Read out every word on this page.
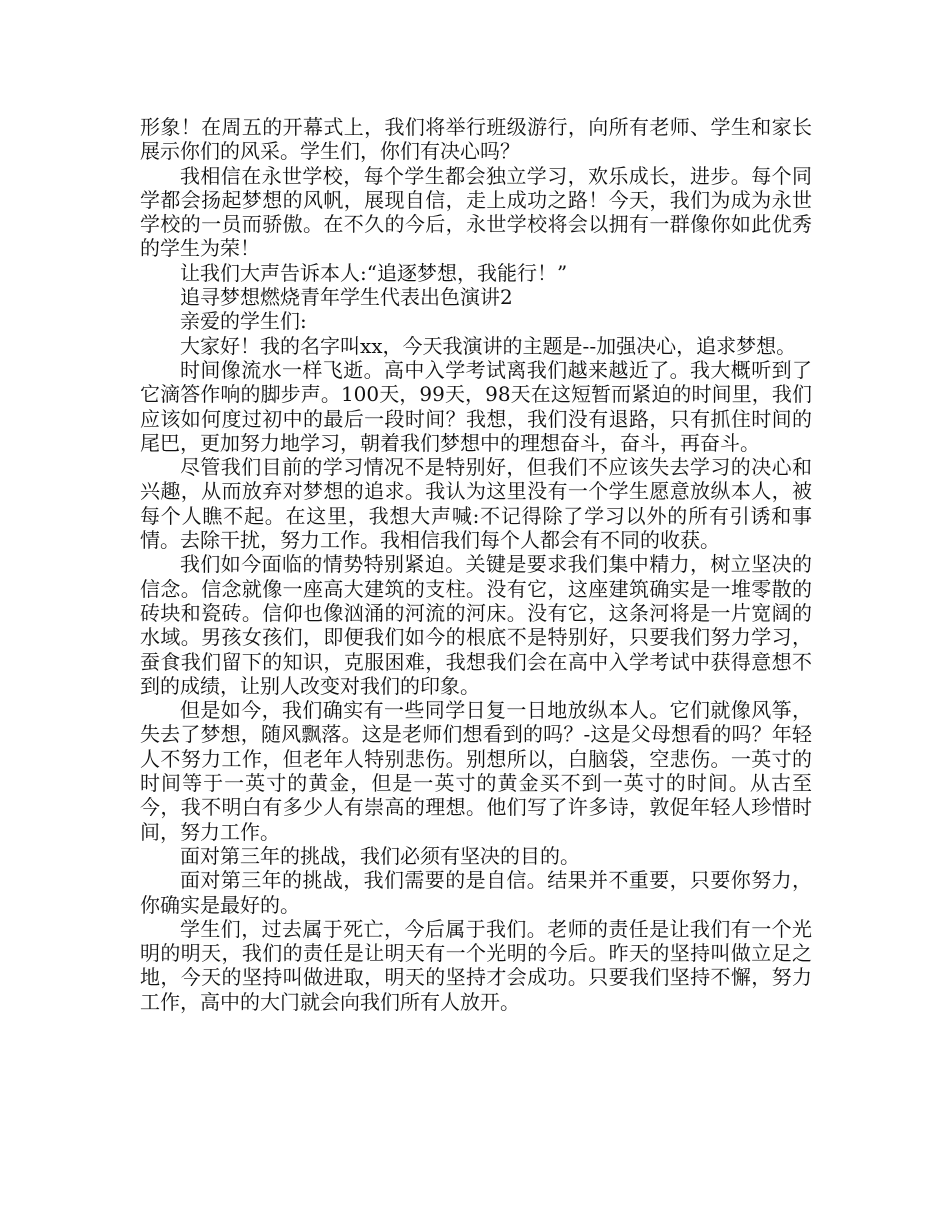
形象！在周五的开幕式上，我们将举行班级游行，向所有老师、学生和家长展示你们的风采。学生们，你们有决心吗？

我相信在永世学校，每个学生都会独立学习，欢乐成长，进步。每个同学都会扬起梦想的风帆，展现自信，走上成功之路！今天，我们为成为永世学校的一员而骄傲。在不久的今后，永世学校将会以拥有一群像你如此优秀的学生为荣！

让我们大声告诉本人:“追逐梦想，我能行！”

追寻梦想燃烧青年学生代表出色演讲2

亲爱的学生们:

大家好！我的名字叫xx，今天我演讲的主题是--加强决心，追求梦想。

时间像流水一样飞逝。高中入学考试离我们越来越近了。我大概听到了它滴答作响的脚步声。100天，99天，98天在这短暂而紧迫的时间里，我们应该如何度过初中的最后一段时间？我想，我们没有退路，只有抓住时间的尾巴，更加努力地学习，朝着我们梦想中的理想奋斗，奋斗，再奋斗。

尽管我们目前的学习情况不是特别好，但我们不应该失去学习的决心和兴趣，从而放弃对梦想的追求。我认为这里没有一个学生愿意放纵本人，被每个人瞧不起。在这里，我想大声喊:不记得除了学习以外的所有引诱和事情。去除干扰，努力工作。我相信我们每个人都会有不同的收获。

我们如今面临的情势特别紧迫。关键是要求我们集中精力，树立坚决的信念。信念就像一座高大建筑的支柱。没有它，这座建筑确实是一堆零散的砖块和瓷砖。信仰也像汹涌的河流的河床。没有它，这条河将是一片宽阔的水域。男孩女孩们，即便我们如今的根底不是特别好，只要我们努力学习，蚕食我们留下的知识，克服困难，我想我们会在高中入学考试中获得意想不到的成绩，让别人改变对我们的印象。

但是如今，我们确实有一些同学日复一日地放纵本人。它们就像风筝，失去了梦想，随风飘落。这是老师们想看到的吗？-这是父母想看的吗？年轻人不努力工作，但老年人特别悲伤。别想所以，白脑袋，空悲伤。一英寸的时间等于一英寸的黄金，但是一英寸的黄金买不到一英寸的时间。从古至今，我不明白有多少人有崇高的理想。他们写了许多诗，敦促年轻人珍惜时间，努力工作。

面对第三年的挑战，我们必须有坚决的目的。

面对第三年的挑战，我们需要的是自信。结果并不重要，只要你努力，你确实是最好的。

学生们，过去属于死亡，今后属于我们。老师的责任是让我们有一个光明的明天，我们的责任是让明天有一个光明的今后。昨天的坚持叫做立足之地，今天的坚持叫做进取，明天的坚持才会成功。只要我们坚持不懈，努力工作，高中的大门就会向我们所有人放开。
